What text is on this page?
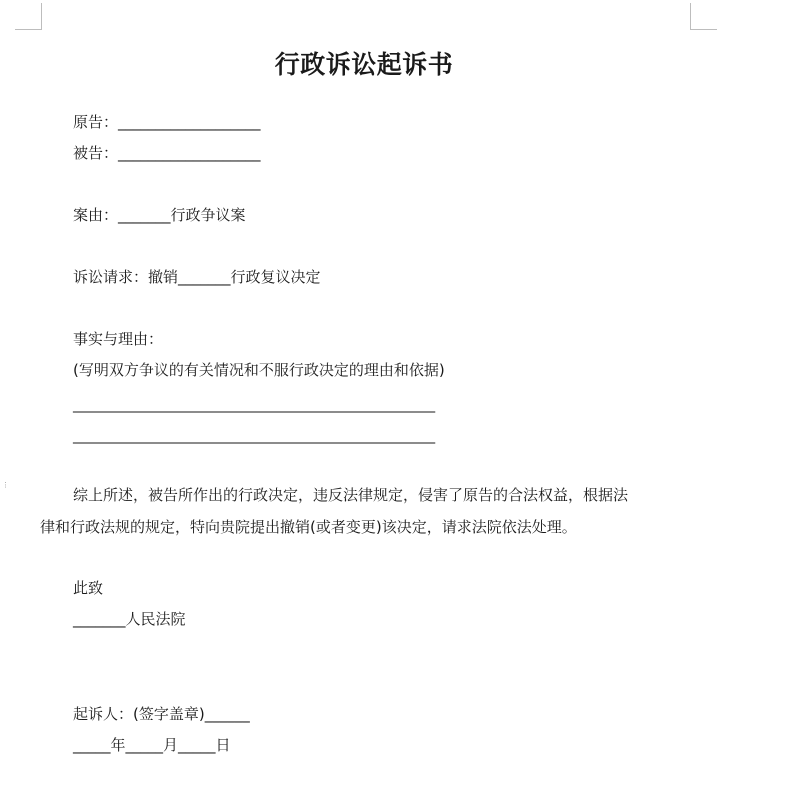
⋮
行政诉讼起诉书
原告：___________________
被告：___________________
案由：_______行政争议案
诉讼请求：撤销_______行政复议决定
事实与理由：
(写明双方争议的有关情况和不服行政决定的理由和依据)
______________________________________________________
______________________________________________________
综上所述，被告所作出的行政决定，违反法律规定，侵害了原告的合法权益，根据法
律和行政法规的规定，特向贵院提出撤销(或者变更)该决定，请求法院依法处理。
此致
_______人民法院
起诉人：(签字盖章)______
_____年_____月_____日
